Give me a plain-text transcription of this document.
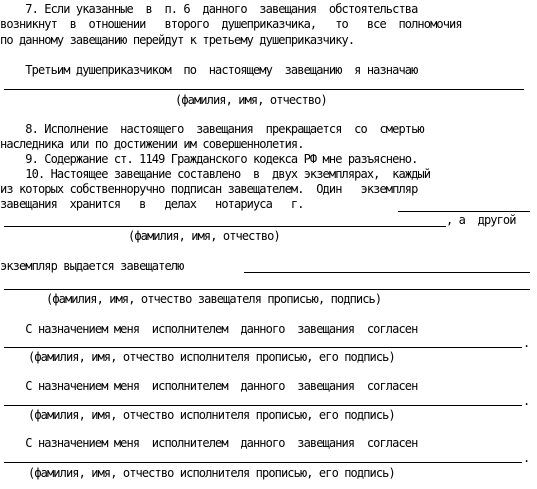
7. Если указанные  в  п. 6  данного  завещания  обстоятельства
возникнут  в  отношении   второго  душеприказчика,   то   все  полномочия
по данному завещанию перейдут к третьему душеприказчику.
Третьим душеприказчиком  по  настоящему  завещанию  я назначаю
(фамилия, имя, отчество)
8. Исполнение  настоящего  завещания  прекращается  со  смертью
наследника или по достижении им совершеннолетия.
9. Содержание ст. 1149 Гражданского кодекса РФ мне разъяснено.
10. Настоящее завещание составлено  в  двух экземплярах,  каждый
из которых собственноручно подписан завещателем.  Один   экземпляр
завещания  хранится   в   делах   нотариуса   г.
, а  другой
(фамилия, имя, отчество)
экземпляр выдается завещателю
(фамилия, имя, отчество завещателя прописью, подпись)
С назначением меня  исполнителем  данного  завещания  согласен
.
(фамилия, имя, отчество исполнителя прописью, его подпись)
С назначением меня  исполнителем  данного  завещания  согласен
.
(фамилия, имя, отчество исполнителя прописью, его подпись)
С назначением меня  исполнителем  данного  завещания  согласен
.
(фамилия, имя, отчество исполнителя прописью, его подпись)
